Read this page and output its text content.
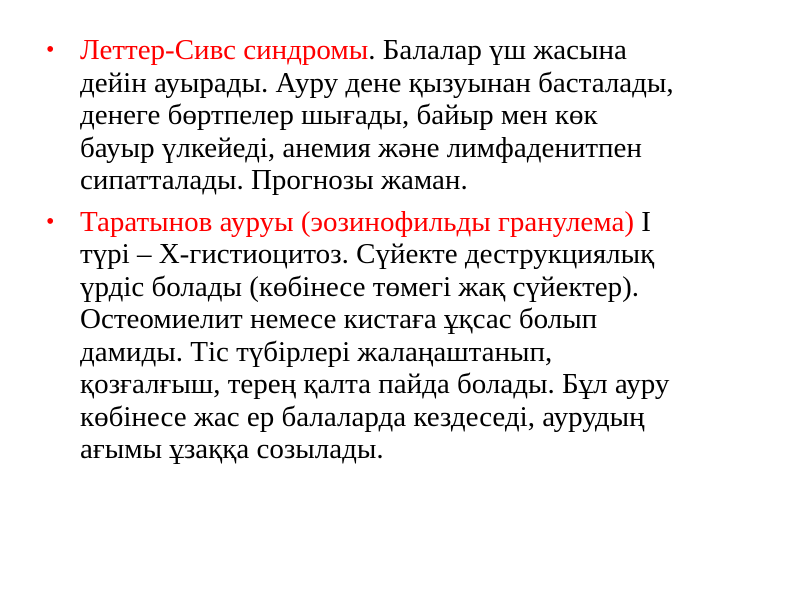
• Леттер-Сивс синдромы. Балалар үш жасына
дейін ауырады. Ауру дене қызуынан басталады,
денеге бөртпелер шығады, байыр мен көк
бауыр үлкейеді, анемия және лимфаденитпен
сипатталады. Прогнозы жаман.
• Таратынов ауруы (эозинофильды гранулема) І
түрі – Х-гистиоцитоз. Сүйекте деструкциялық
үрдіс болады (көбінесе төмегі жақ сүйектер).
Остеомиелит немесе кистаға ұқсас болып
дамиды. Тіс түбірлері жалаңаштанып,
қозғалғыш, терең қалта пайда болады. Бұл ауру
көбінесе жас ер балаларда кездеседі, аурудың
ағымы ұзаққа созылады.
